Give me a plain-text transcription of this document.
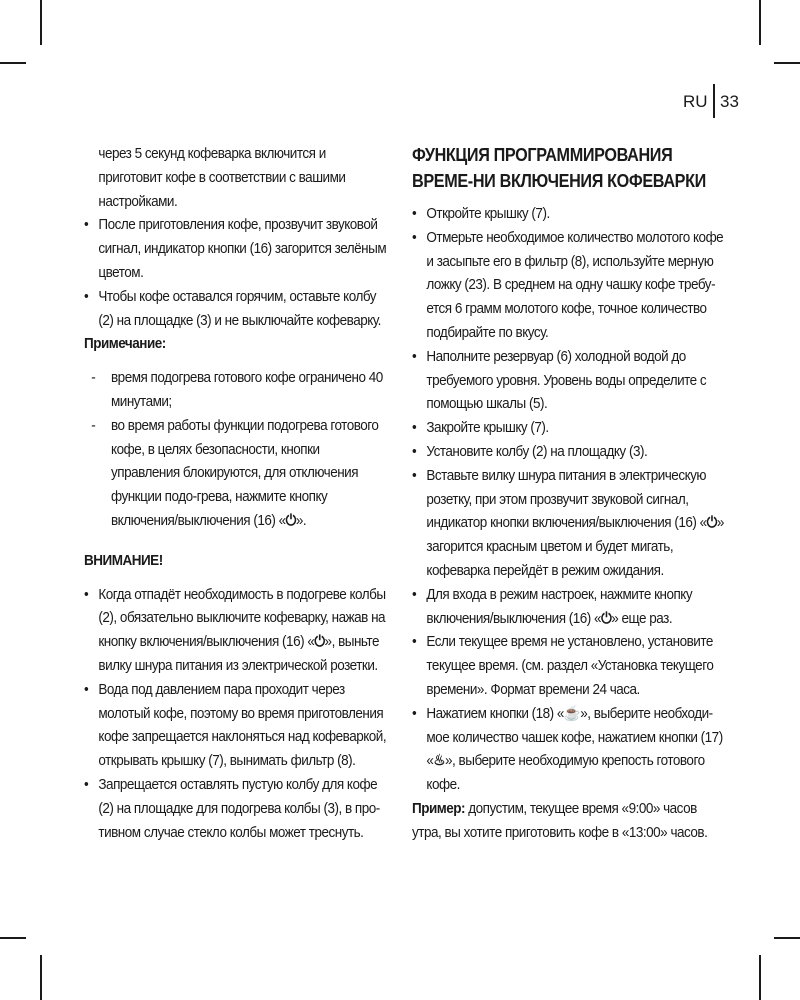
RU 33

через 5 секунд кофеварка включится и приготовит кофе в соответствии с вашими настройками.

• После приготовления кофе, прозвучит звуковой сигнал, индикатор кнопки (16) загорится зелёным цветом.

• Чтобы кофе оставался горячим, оставьте колбу (2) на площадке (3) и не выключайте кофеварку.

Примечание:

- время подогрева готового кофе ограничено 40 минутами;

- во время работы функции подогрева готового кофе, в целях безопасности, кнопки управления блокируются, для отключения функции подо-грева, нажмите кнопку включения/выключения (16) «⏻».

ВНИМАНИЕ!

• Когда отпадёт необходимость в подогреве колбы (2), обязательно выключите кофеварку, нажав на кнопку включения/выключения (16) «⏻», выньте вилку шнура питания из электрической розетки.

• Вода под давлением пара проходит через молотый кофе, поэтому во время приготовления кофе запрещается наклоняться над кофеваркой, открывать крышку (7), вынимать фильтр (8).

• Запрещается оставлять пустую колбу для кофе (2) на площадке для подогрева колбы (3), в про-тивном случае стекло колбы может треснуть.

ФУНКЦИЯ ПРОГРАММИРОВАНИЯ ВРЕМЕ-НИ ВКЛЮЧЕНИЯ КОФЕВАРКИ

• Откройте крышку (7).

• Отмерьте необходимое количество молотого кофе и засыпьте его в фильтр (8), используйте мерную ложку (23). В среднем на одну чашку кофе требу-ется 6 грамм молотого кофе, точное количество подбирайте по вкусу.

• Наполните резервуар (6) холодной водой до требуемого уровня. Уровень воды определите с помощью шкалы (5).

• Закройте крышку (7).

• Установите колбу (2) на площадку (3).

• Вставьте вилку шнура питания в электрическую розетку, при этом прозвучит звуковой сигнал, индикатор кнопки включения/выключения (16) «⏻» загорится красным цветом и будет мигать, кофеварка перейдёт в режим ожидания.

• Для входа в режим настроек, нажмите кнопку включения/выключения (16) «⏻» еще раз.

• Если текущее время не установлено, установите текущее время. (см. раздел «Установка текущего времени». Формат времени 24 часа.

• Нажатием кнопки (18) «☕», выберите необходи-мое количество чашек кофе, нажатием кнопки (17) «♨», выберите необходимую крепость готового кофе.

Пример: допустим, текущее время «9:00» часов утра, вы хотите приготовить кофе в «13:00» часов.
